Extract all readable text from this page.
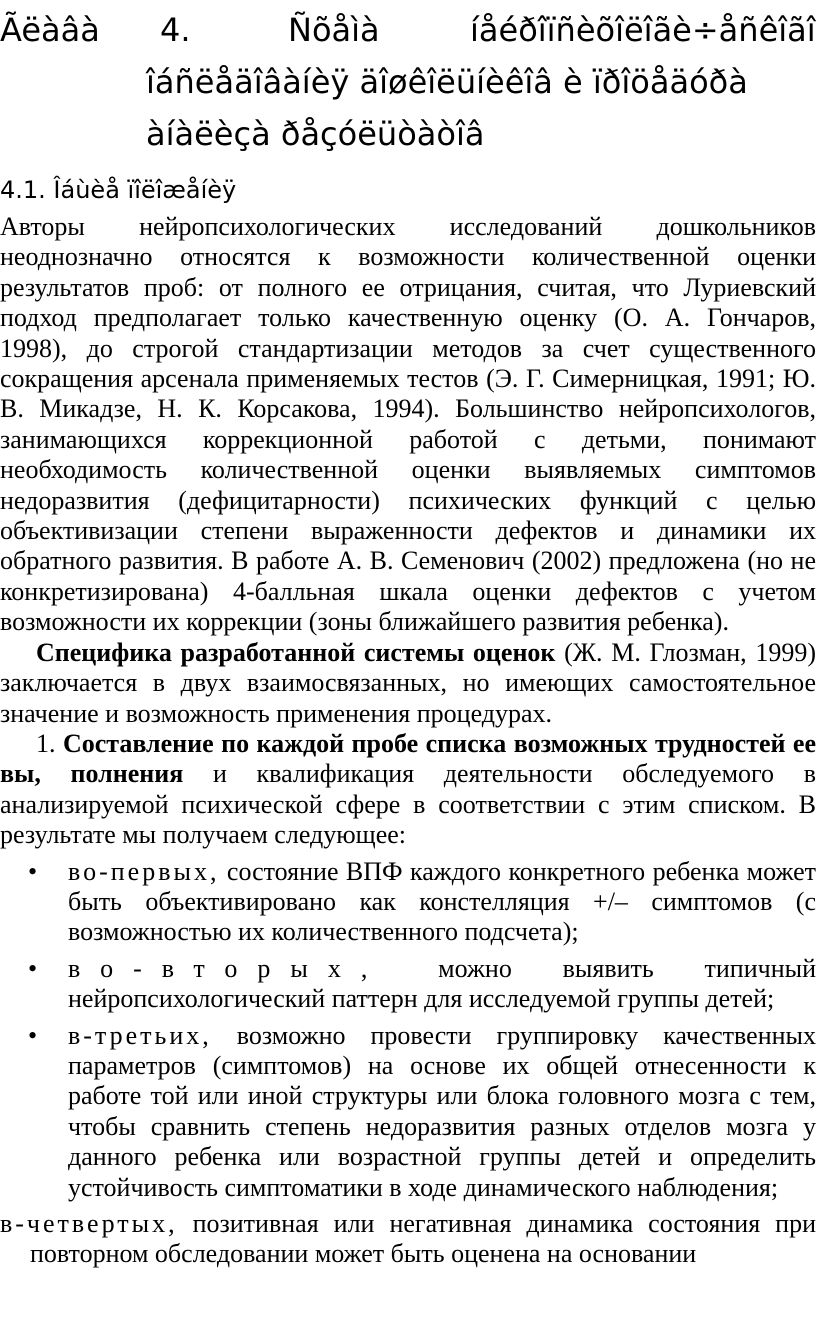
Ãëàâà 4.	Ñõåìà	íåéðîïñèõîëîãè÷åñêîãî
îáñëåäîâàíèÿ äîøêîëüíèêîâ è ïðîöåäóðà
àíàëèçà ðåçóëüòàòîâ
4.1. Îáùèå ïîëîæåíèÿ

Авторы нейропсихологических исследований дошкольников неоднозначно относятся к возможности количественной оценки результатов проб: от полного ее отрицания, считая, что Луриевский подход предполагает только качественную оценку (О. А. Гончаров, 1998), до строгой стандартизации методов за счет существенного сокращения арсенала применяемых тестов (Э. Г. Симерницкая, 1991; Ю. В. Микадзе, Н. К. Корсакова, 1994). Большинство нейропсихологов, занимающихся коррекционной работой с детьми, понимают необходимость количественной оценки выявляемых симптомов недоразвития (дефицитарности) психических функций с целью объективизации степени выраженности дефектов и динамики их обратного развития. В работе А. В. Семенович (2002) предложена (но не конкретизирована) 4-балльная шкала оценки дефектов с учетом возможности их коррекции (зоны ближайшего развития ребенка).

Специфика разработанной системы оценок (Ж. М. Глозман, 1999) заключается в двух взаимосвязанных, но имеющих самостоятельное значение и возможность применения процедурах.

1. Составление по каждой пробе списка возможных трудностей ее вы, полнения и квалификация деятельности обследуемого в анализируемой психической сфере в соответствии с этим списком. В результате мы получаем следующее:

• во-первых, состояние ВПФ каждого конкретного ребенка может быть объективировано как констелляция +/– симптомов (с возможностью их количественного подсчета);
• во-вторых, можно выявить типичный нейропсихологический паттерн для исследуемой группы детей;
• в-третьих, возможно провести группировку качественных параметров (симптомов) на основе их общей отнесенности к работе той или иной структуры или блока головного мозга с тем, чтобы сравнить степень недоразвития разных отделов мозга у данного ребенка или возрастной группы детей и определить устойчивость симптоматики в ходе динамического наблюдения;

в-четвертых, позитивная или негативная динамика состояния при повторном обследовании может быть оценена на основании
